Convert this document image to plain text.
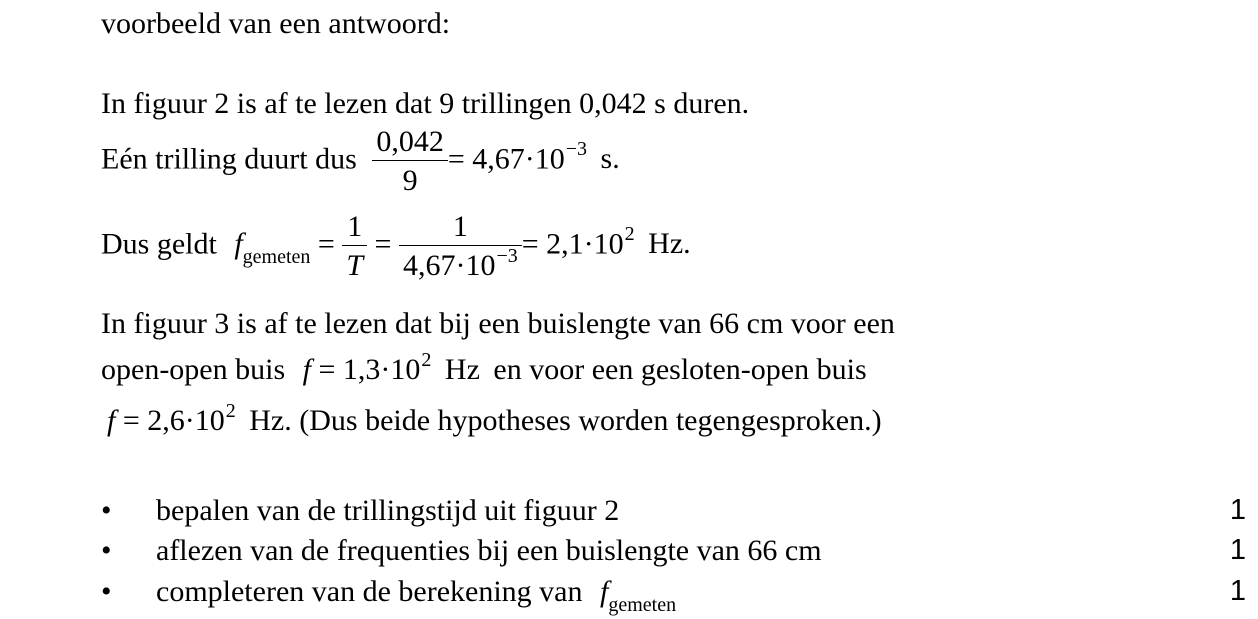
voorbeeld van een antwoord:
In figuur 2 is af te lezen dat 9 trillingen 0,042 s duren.
Eén trilling duurt dus $\frac{0,042}{9} = 4,67\cdot 10^{-3}$ s.
Dus geldt $f_{gemeten} = \frac{1}{T} = \frac{1}{4,67\cdot 10^{-3}} = 2,1\cdot 10^2$ Hz.
In figuur 3 is af te lezen dat bij een buislengte van 66 cm voor een
open-open buis $f = 1,3\cdot 10^2$ Hz en voor een gesloten-open buis
$f = 2,6\cdot 10^2$ Hz. (Dus beide hypotheses worden tegengesproken.)
• bepalen van de trillingstijd uit figuur 2	1
• aflezen van de frequenties bij een buislengte van 66 cm	1
• completeren van de berekening van $f_{gemeten}$	1
